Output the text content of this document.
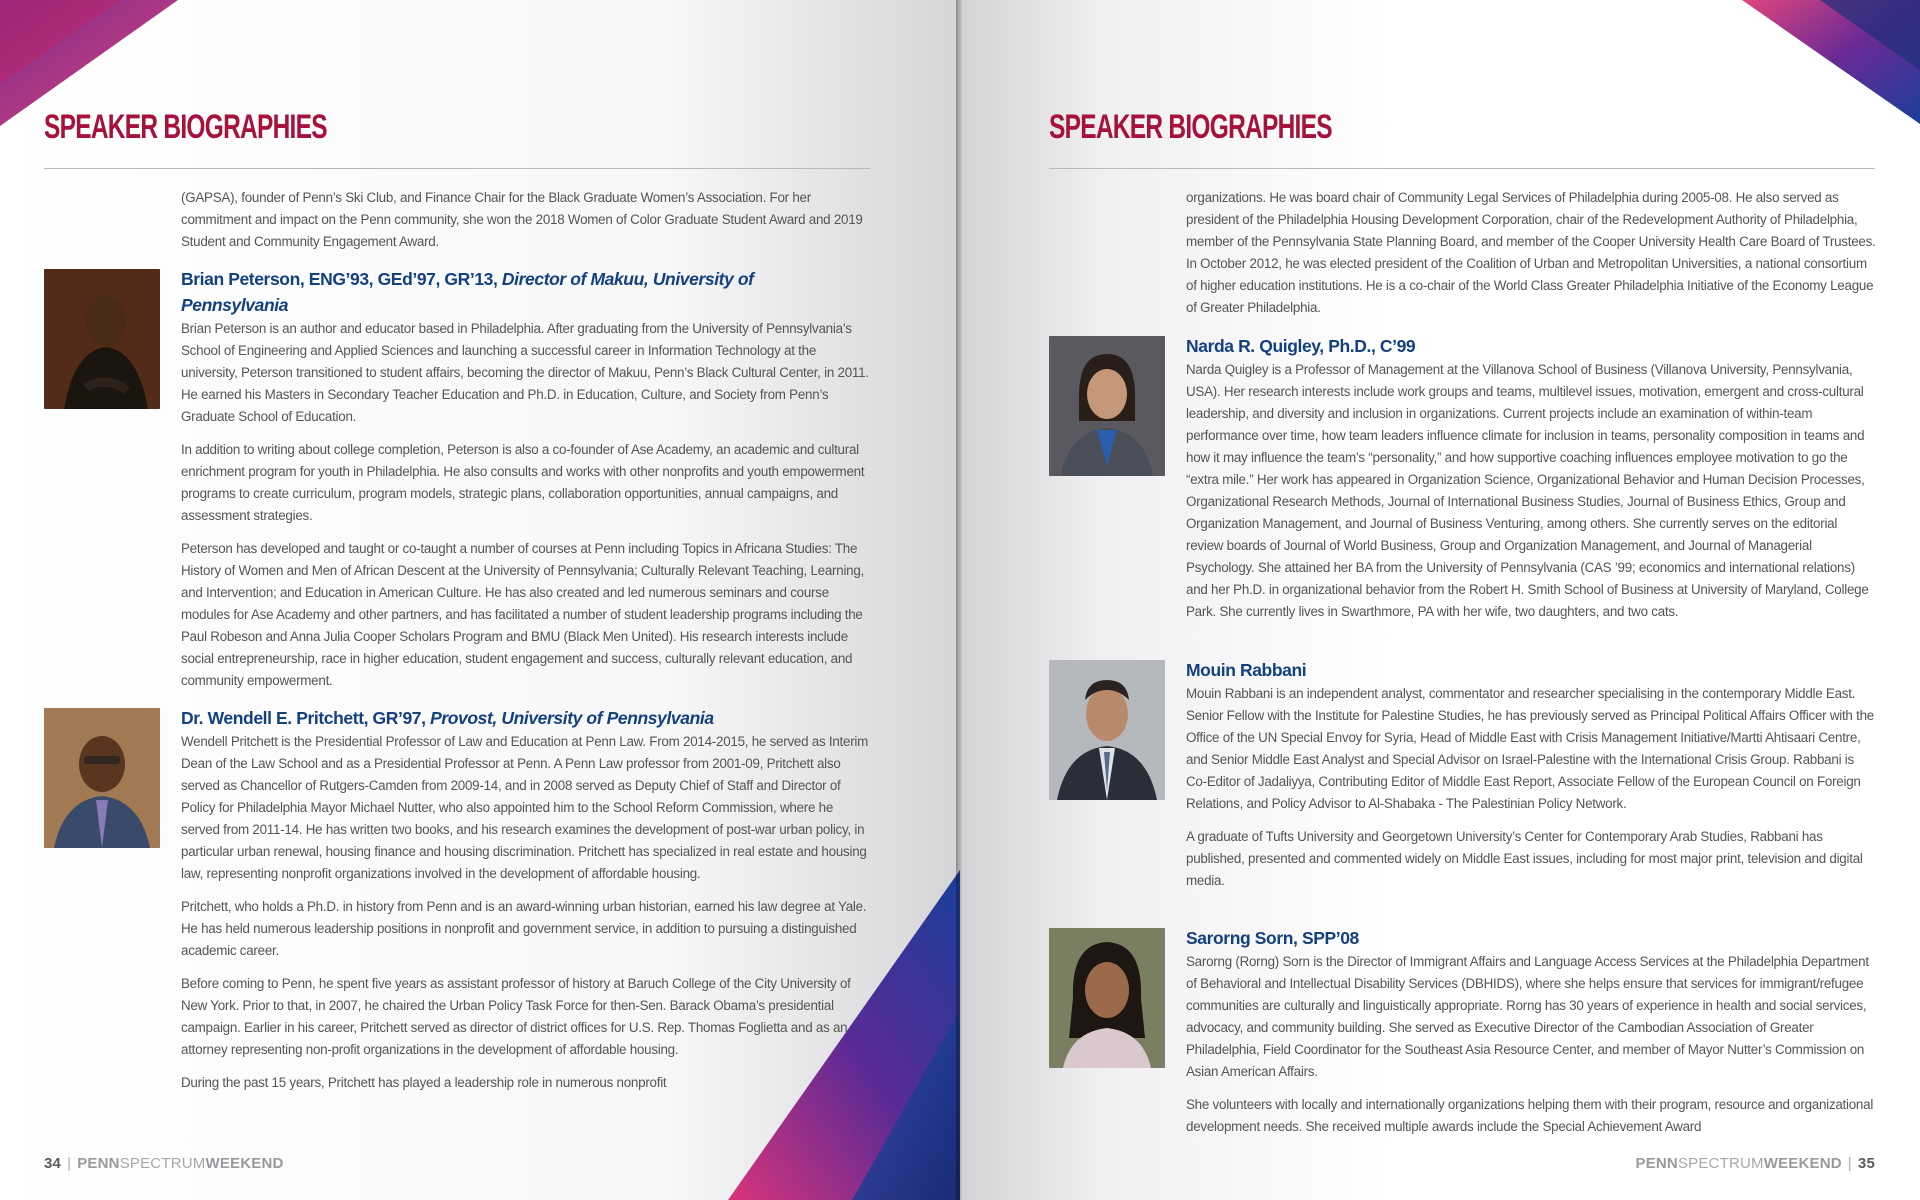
SPEAKER BIOGRAPHIES

(GAPSA), founder of Penn’s Ski Club, and Finance Chair for the Black Graduate Women’s Association. For her commitment and impact on the Penn community, she won the 2018 Women of Color Graduate Student Award and 2019 Student and Community Engagement Award.

Brian Peterson, ENG’93, GEd’97, GR’13, Director of Makuu, University of Pennsylvania

Brian Peterson is an author and educator based in Philadelphia. After graduating from the University of Pennsylvania’s School of Engineering and Applied Sciences and launching a successful career in Information Technology at the university, Peterson transitioned to student affairs, becoming the director of Makuu, Penn’s Black Cultural Center, in 2011. He earned his Masters in Secondary Teacher Education and Ph.D. in Education, Culture, and Society from Penn’s Graduate School of Education.

In addition to writing about college completion, Peterson is also a co-founder of Ase Academy, an academic and cultural enrichment program for youth in Philadelphia. He also consults and works with other nonprofits and youth empowerment programs to create curriculum, program models, strategic plans, collaboration opportunities, annual campaigns, and assessment strategies.

Peterson has developed and taught or co-taught a number of courses at Penn including Topics in Africana Studies: The History of Women and Men of African Descent at the University of Pennsylvania; Culturally Relevant Teaching, Learning, and Intervention; and Education in American Culture. He has also created and led numerous seminars and course modules for Ase Academy and other partners, and has facilitated a number of student leadership programs including the Paul Robeson and Anna Julia Cooper Scholars Program and BMU (Black Men United). His research interests include social entrepreneurship, race in higher education, student engagement and success, culturally relevant education, and community empowerment.

Dr. Wendell E. Pritchett, GR’97, Provost, University of Pennsylvania

Wendell Pritchett is the Presidential Professor of Law and Education at Penn Law. From 2014-2015, he served as Interim Dean of the Law School and as a Presidential Professor at Penn. A Penn Law professor from 2001-09, Pritchett also served as Chancellor of Rutgers-Camden from 2009-14, and in 2008 served as Deputy Chief of Staff and Director of Policy for Philadelphia Mayor Michael Nutter, who also appointed him to the School Reform Commission, where he served from 2011-14. He has written two books, and his research examines the development of post-war urban policy, in particular urban renewal, housing finance and housing discrimination. Pritchett has specialized in real estate and housing law, representing nonprofit organizations involved in the development of affordable housing.

Pritchett, who holds a Ph.D. in history from Penn and is an award-winning urban historian, earned his law degree at Yale. He has held numerous leadership positions in nonprofit and government service, in addition to pursuing a distinguished academic career.

Before coming to Penn, he spent five years as assistant professor of history at Baruch College of the City University of New York. Prior to that, in 2007, he chaired the Urban Policy Task Force for then-Sen. Barack Obama’s presidential campaign. Earlier in his career, Pritchett served as director of district offices for U.S. Rep. Thomas Foglietta and as an attorney representing non-profit organizations in the development of affordable housing.

During the past 15 years, Pritchett has played a leadership role in numerous nonprofit

34 | PENNSPECTRUMWEEKEND
SPEAKER BIOGRAPHIES

organizations. He was board chair of Community Legal Services of Philadelphia during 2005-08. He also served as president of the Philadelphia Housing Development Corporation, chair of the Redevelopment Authority of Philadelphia, member of the Pennsylvania State Planning Board, and member of the Cooper University Health Care Board of Trustees. In October 2012, he was elected president of the Coalition of Urban and Metropolitan Universities, a national consortium of higher education institutions. He is a co-chair of the World Class Greater Philadelphia Initiative of the Economy League of Greater Philadelphia.

Narda R. Quigley, Ph.D., C’99

Narda Quigley is a Professor of Management at the Villanova School of Business (Villanova University, Pennsylvania, USA). Her research interests include work groups and teams, multilevel issues, motivation, emergent and cross-cultural leadership, and diversity and inclusion in organizations. Current projects include an examination of within-team performance over time, how team leaders influence climate for inclusion in teams, personality composition in teams and how it may influence the team’s “personality,” and how supportive coaching influences employee motivation to go the “extra mile.” Her work has appeared in Organization Science, Organizational Behavior and Human Decision Processes, Organizational Research Methods, Journal of International Business Studies, Journal of Business Ethics, Group and Organization Management, and Journal of Business Venturing, among others. She currently serves on the editorial review boards of Journal of World Business, Group and Organization Management, and Journal of Managerial Psychology. She attained her BA from the University of Pennsylvania (CAS ’99; economics and international relations) and her Ph.D. in organizational behavior from the Robert H. Smith School of Business at University of Maryland, College Park. She currently lives in Swarthmore, PA with her wife, two daughters, and two cats.

Mouin Rabbani

Mouin Rabbani is an independent analyst, commentator and researcher specialising in the contemporary Middle East. Senior Fellow with the Institute for Palestine Studies, he has previously served as Principal Political Affairs Officer with the Office of the UN Special Envoy for Syria, Head of Middle East with Crisis Management Initiative/Martti Ahtisaari Centre, and Senior Middle East Analyst and Special Advisor on Israel-Palestine with the International Crisis Group. Rabbani is Co-Editor of Jadaliyya, Contributing Editor of Middle East Report, Associate Fellow of the European Council on Foreign Relations, and Policy Advisor to Al-Shabaka - The Palestinian Policy Network.

A graduate of Tufts University and Georgetown University’s Center for Contemporary Arab Studies, Rabbani has published, presented and commented widely on Middle East issues, including for most major print, television and digital media.

Sarorng Sorn, SPP’08

Sarorng (Rorng) Sorn is the Director of Immigrant Affairs and Language Access Services at the Philadelphia Department of Behavioral and Intellectual Disability Services (DBHIDS), where she helps ensure that services for immigrant/refugee communities are culturally and linguistically appropriate. Rorng has 30 years of experience in health and social services, advocacy, and community building. She served as Executive Director of the Cambodian Association of Greater Philadelphia, Field Coordinator for the Southeast Asia Resource Center, and member of Mayor Nutter’s Commission on Asian American Affairs.

She volunteers with locally and internationally organizations helping them with their program, resource and organizational development needs. She received multiple awards include the Special Achievement Award

PENNSPECTRUMWEEKEND | 35
